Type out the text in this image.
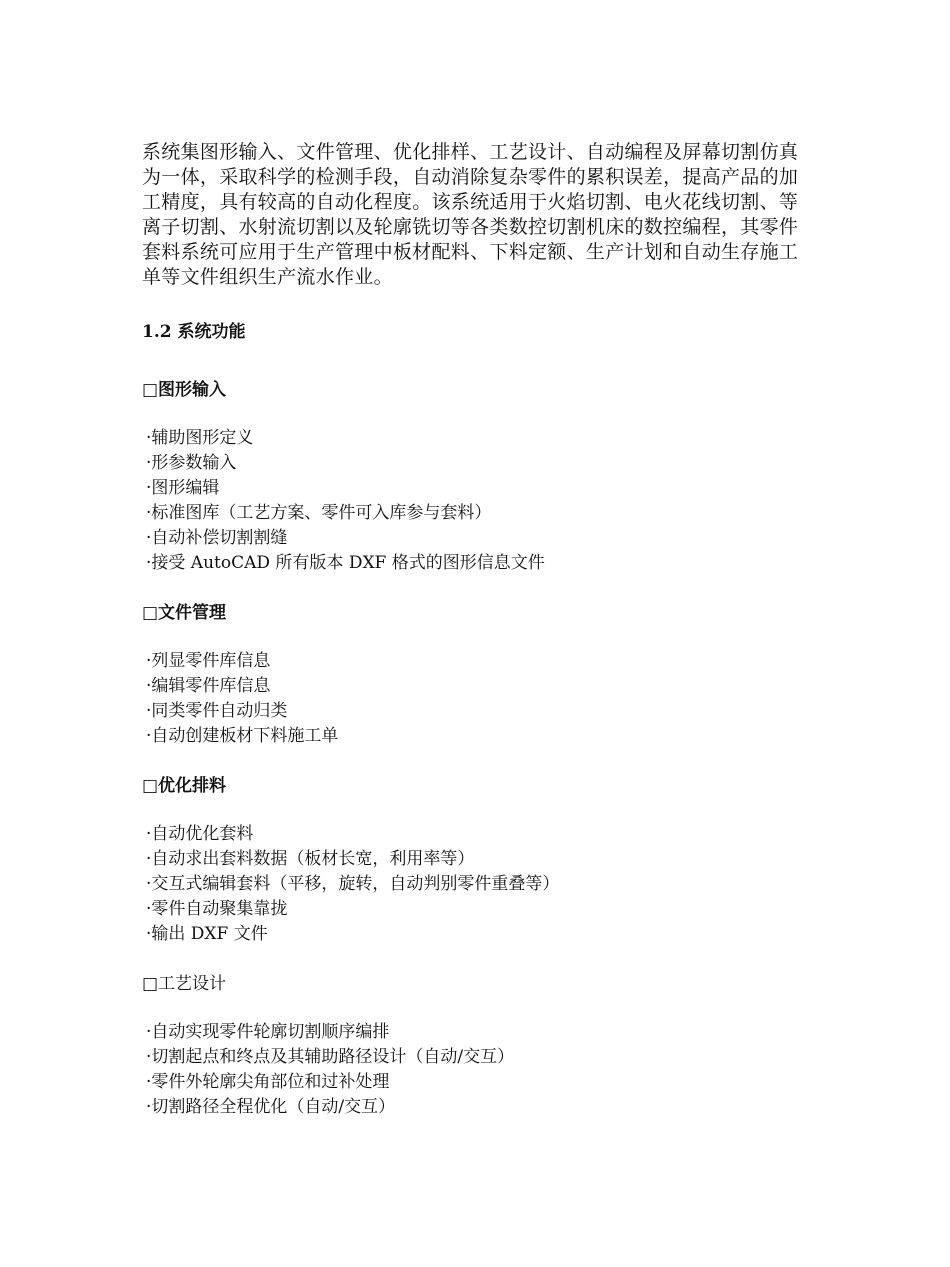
系统集图形输入、文件管理、优化排样、工艺设计、自动编程及屏幕切割仿真
为一体，采取科学的检测手段，自动消除复杂零件的累积误差，提高产品的加
工精度，具有较高的自动化程度。该系统适用于火焰切割、电火花线切割、等
离子切割、水射流切割以及轮廓铣切等各类数控切割机床的数控编程，其零件
套料系统可应用于生产管理中板材配料、下料定额、生产计划和自动生存施工
单等文件组织生产流水作业。

1.2 系统功能
□图形输入
·辅助图形定义
·形参数输入
·图形编辑
·标准图库（工艺方案、零件可入库参与套料）
·自动补偿切割割缝
·接受 AutoCAD 所有版本 DXF 格式的图形信息文件
□文件管理
·列显零件库信息
·编辑零件库信息
·同类零件自动归类
·自动创建板材下料施工单
□优化排料
·自动优化套料
·自动求出套料数据（板材长宽，利用率等）
·交互式编辑套料（平移，旋转，自动判别零件重叠等）
·零件自动聚集靠拢
·输出 DXF 文件
□工艺设计
·自动实现零件轮廓切割顺序编排
·切割起点和终点及其辅助路径设计（自动/交互）
·零件外轮廓尖角部位和过补处理
·切割路径全程优化（自动/交互）
